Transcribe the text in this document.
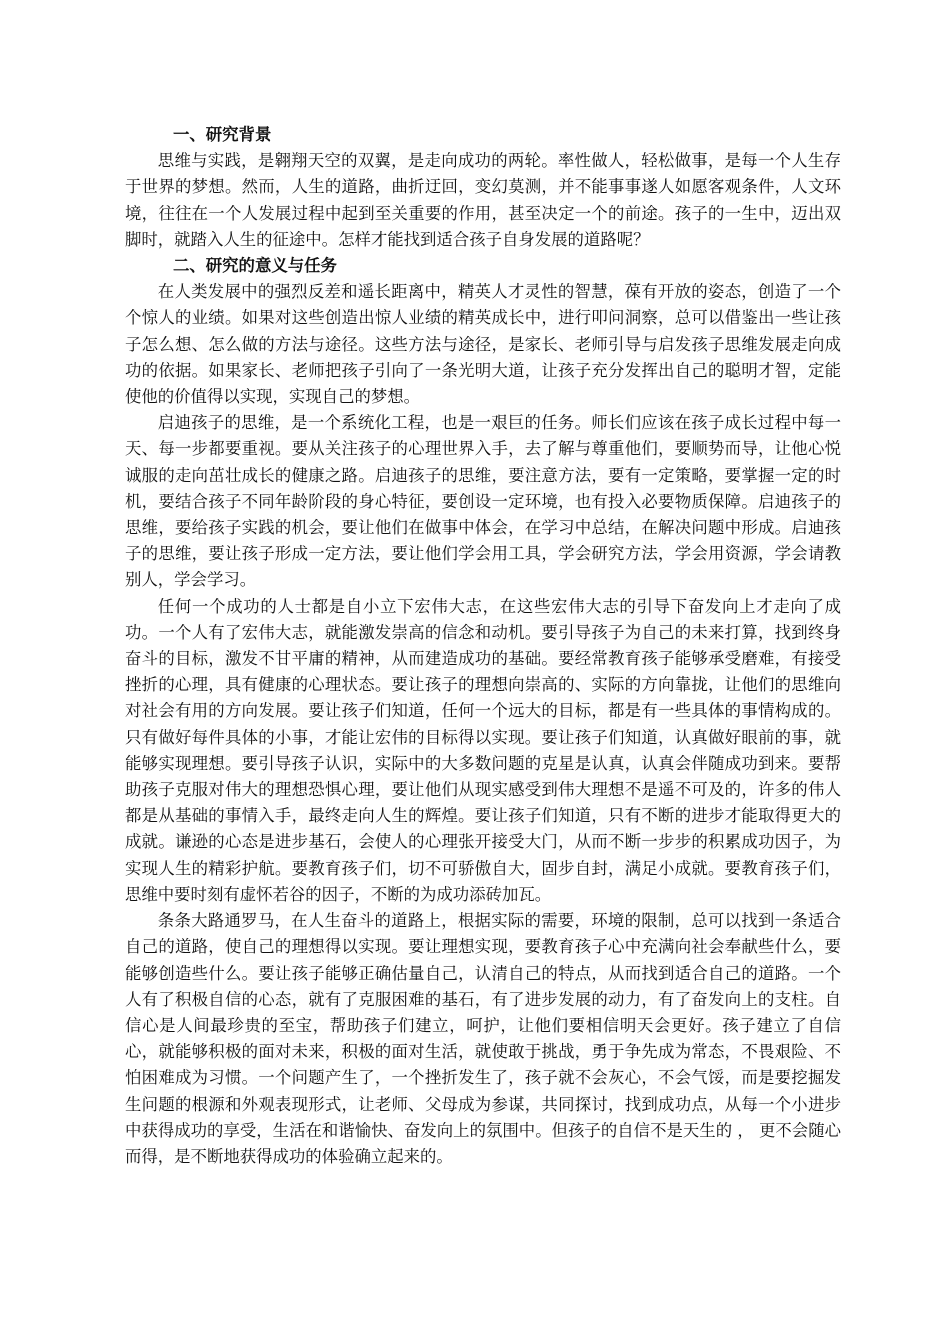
一、研究背景

思维与实践，是翱翔天空的双翼，是走向成功的两轮。率性做人，轻松做事，是每一个人生存于世界的梦想。然而，人生的道路，曲折迂回，变幻莫测，并不能事事遂人如愿客观条件，人文环境，往往在一个人发展过程中起到至关重要的作用，甚至决定一个的前途。孩子的一生中，迈出双脚时，就踏入人生的征途中。怎样才能找到适合孩子自身发展的道路呢？

二、研究的意义与任务

在人类发展中的强烈反差和遥长距离中，精英人才灵性的智慧，葆有开放的姿态，创造了一个个惊人的业绩。如果对这些创造出惊人业绩的精英成长中，进行叩问洞察，总可以借鉴出一些让孩子怎么想、怎么做的方法与途径。这些方法与途径，是家长、老师引导与启发孩子思维发展走向成功的依据。如果家长、老师把孩子引向了一条光明大道，让孩子充分发挥出自己的聪明才智，定能使他的价值得以实现，实现自己的梦想。

启迪孩子的思维，是一个系统化工程，也是一艰巨的任务。师长们应该在孩子成长过程中每一天、每一步都要重视。要从关注孩子的心理世界入手，去了解与尊重他们，要顺势而导，让他心悦诚服的走向茁壮成长的健康之路。启迪孩子的思维，要注意方法，要有一定策略，要掌握一定的时机，要结合孩子不同年龄阶段的身心特征，要创设一定环境，也有投入必要物质保障。启迪孩子的思维，要给孩子实践的机会，要让他们在做事中体会，在学习中总结，在解决问题中形成。启迪孩子的思维，要让孩子形成一定方法，要让他们学会用工具，学会研究方法，学会用资源，学会请教别人，学会学习。

任何一个成功的人士都是自小立下宏伟大志，在这些宏伟大志的引导下奋发向上才走向了成功。一个人有了宏伟大志，就能激发崇高的信念和动机。要引导孩子为自己的未来打算，找到终身奋斗的目标，激发不甘平庸的精神，从而建造成功的基础。要经常教育孩子能够承受磨难，有接受挫折的心理，具有健康的心理状态。要让孩子的理想向崇高的、实际的方向靠拢，让他们的思维向对社会有用的方向发展。要让孩子们知道，任何一个远大的目标，都是有一些具体的事情构成的。只有做好每件具体的小事，才能让宏伟的目标得以实现。要让孩子们知道，认真做好眼前的事，就能够实现理想。要引导孩子认识，实际中的大多数问题的克星是认真，认真会伴随成功到来。要帮助孩子克服对伟大的理想恐惧心理，要让他们从现实感受到伟大理想不是遥不可及的，许多的伟人都是从基础的事情入手，最终走向人生的辉煌。要让孩子们知道，只有不断的进步才能取得更大的成就。谦逊的心态是进步基石，会使人的心理张开接受大门，从而不断一步步的积累成功因子，为实现人生的精彩护航。要教育孩子们，切不可骄傲自大，固步自封，满足小成就。要教育孩子们，思维中要时刻有虚怀若谷的因子，不断的为成功添砖加瓦。

条条大路通罗马，在人生奋斗的道路上，根据实际的需要，环境的限制，总可以找到一条适合自己的道路，使自己的理想得以实现。要让理想实现，要教育孩子心中充满向社会奉献些什么，要能够创造些什么。要让孩子能够正确估量自己，认清自己的特点，从而找到适合自己的道路。一个人有了积极自信的心态，就有了克服困难的基石，有了进步发展的动力，有了奋发向上的支柱。自信心是人间最珍贵的至宝，帮助孩子们建立，呵护，让他们要相信明天会更好。孩子建立了自信心，就能够积极的面对未来，积极的面对生活，就使敢于挑战，勇于争先成为常态，不畏艰险、不怕困难成为习惯。一个问题产生了，一个挫折发生了，孩子就不会灰心，不会气馁，而是要挖掘发生问题的根源和外观表现形式，让老师、父母成为参谋，共同探讨，找到成功点，从每一个小进步中获得成功的享受，生活在和谐愉快、奋发向上的氛围中。但孩子的自信不是天生的 ， 更不会随心而得，是不断地获得成功的体验确立起来的。
